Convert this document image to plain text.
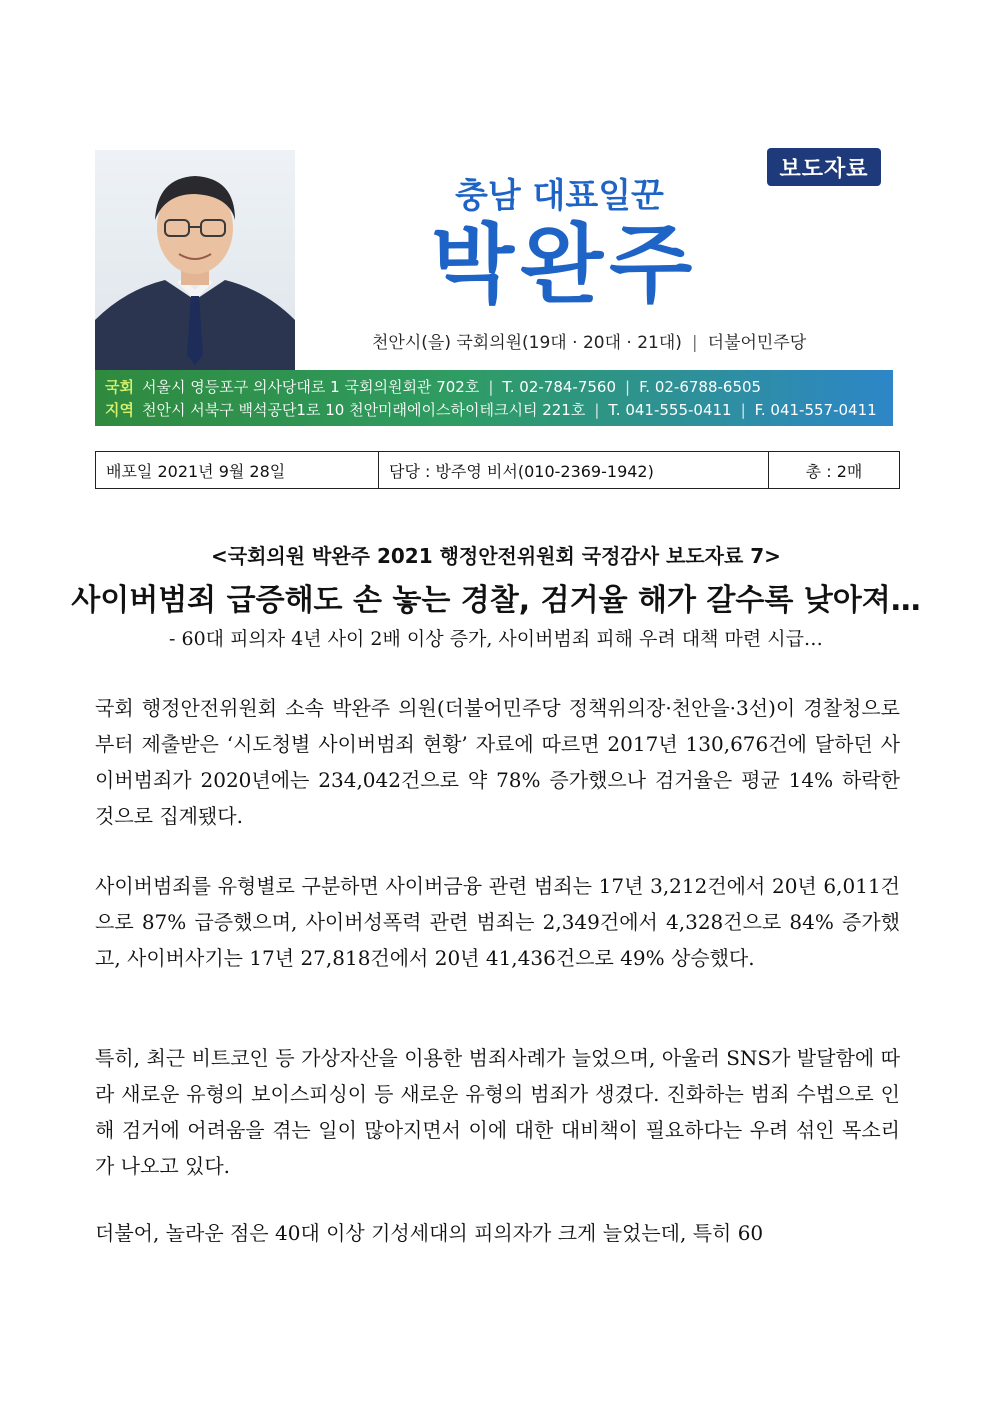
보도자료
충남 대표일꾼
박완주
천안시(을) 국회의원(19대 · 20대 · 21대) | 더불어민주당
국회 서울시 영등포구 의사당대로 1 국회의원회관 702호 | T. 02-784-7560 | F. 02-6788-6505
지역 천안시 서북구 백석공단1로 10 천안미래에이스하이테크시티 221호 | T. 041-555-0411 | F. 041-557-0411
배포일 2021년 9월 28일	담당 : 방주영 비서(010-2369-1942)	총 : 2매
<국회의원 박완주 2021 행정안전위원회 국정감사 보도자료 7>
사이버범죄 급증해도 손 놓는 경찰, 검거율 해가 갈수록 낮아져…
- 60대 피의자 4년 사이 2배 이상 증가, 사이버범죄 피해 우려 대책 마련 시급…
국회 행정안전위원회 소속 박완주 의원(더불어민주당 정책위의장·천안을·3선)이 경찰청으로부터 제출받은 ‘시도청별 사이버범죄 현황’ 자료에 따르면 2017년 130,676건에 달하던 사이버범죄가 2020년에는 234,042건으로 약 78% 증가했으나 검거율은 평균 14% 하락한 것으로 집계됐다.
사이버범죄를 유형별로 구분하면 사이버금융 관련 범죄는 17년 3,212건에서 20년 6,011건으로 87% 급증했으며, 사이버성폭력 관련 범죄는 2,349건에서 4,328건으로 84% 증가했고, 사이버사기는 17년 27,818건에서 20년 41,436건으로 49% 상승했다.
특히, 최근 비트코인 등 가상자산을 이용한 범죄사례가 늘었으며, 아울러 SNS가 발달함에 따라 새로운 유형의 보이스피싱이 등 새로운 유형의 범죄가 생겼다. 진화하는 범죄 수법으로 인해 검거에 어려움을 겪는 일이 많아지면서 이에 대한 대비책이 필요하다는 우려 섞인 목소리가 나오고 있다.
더불어, 놀라운 점은 40대 이상 기성세대의 피의자가 크게 늘었는데, 특히 60
